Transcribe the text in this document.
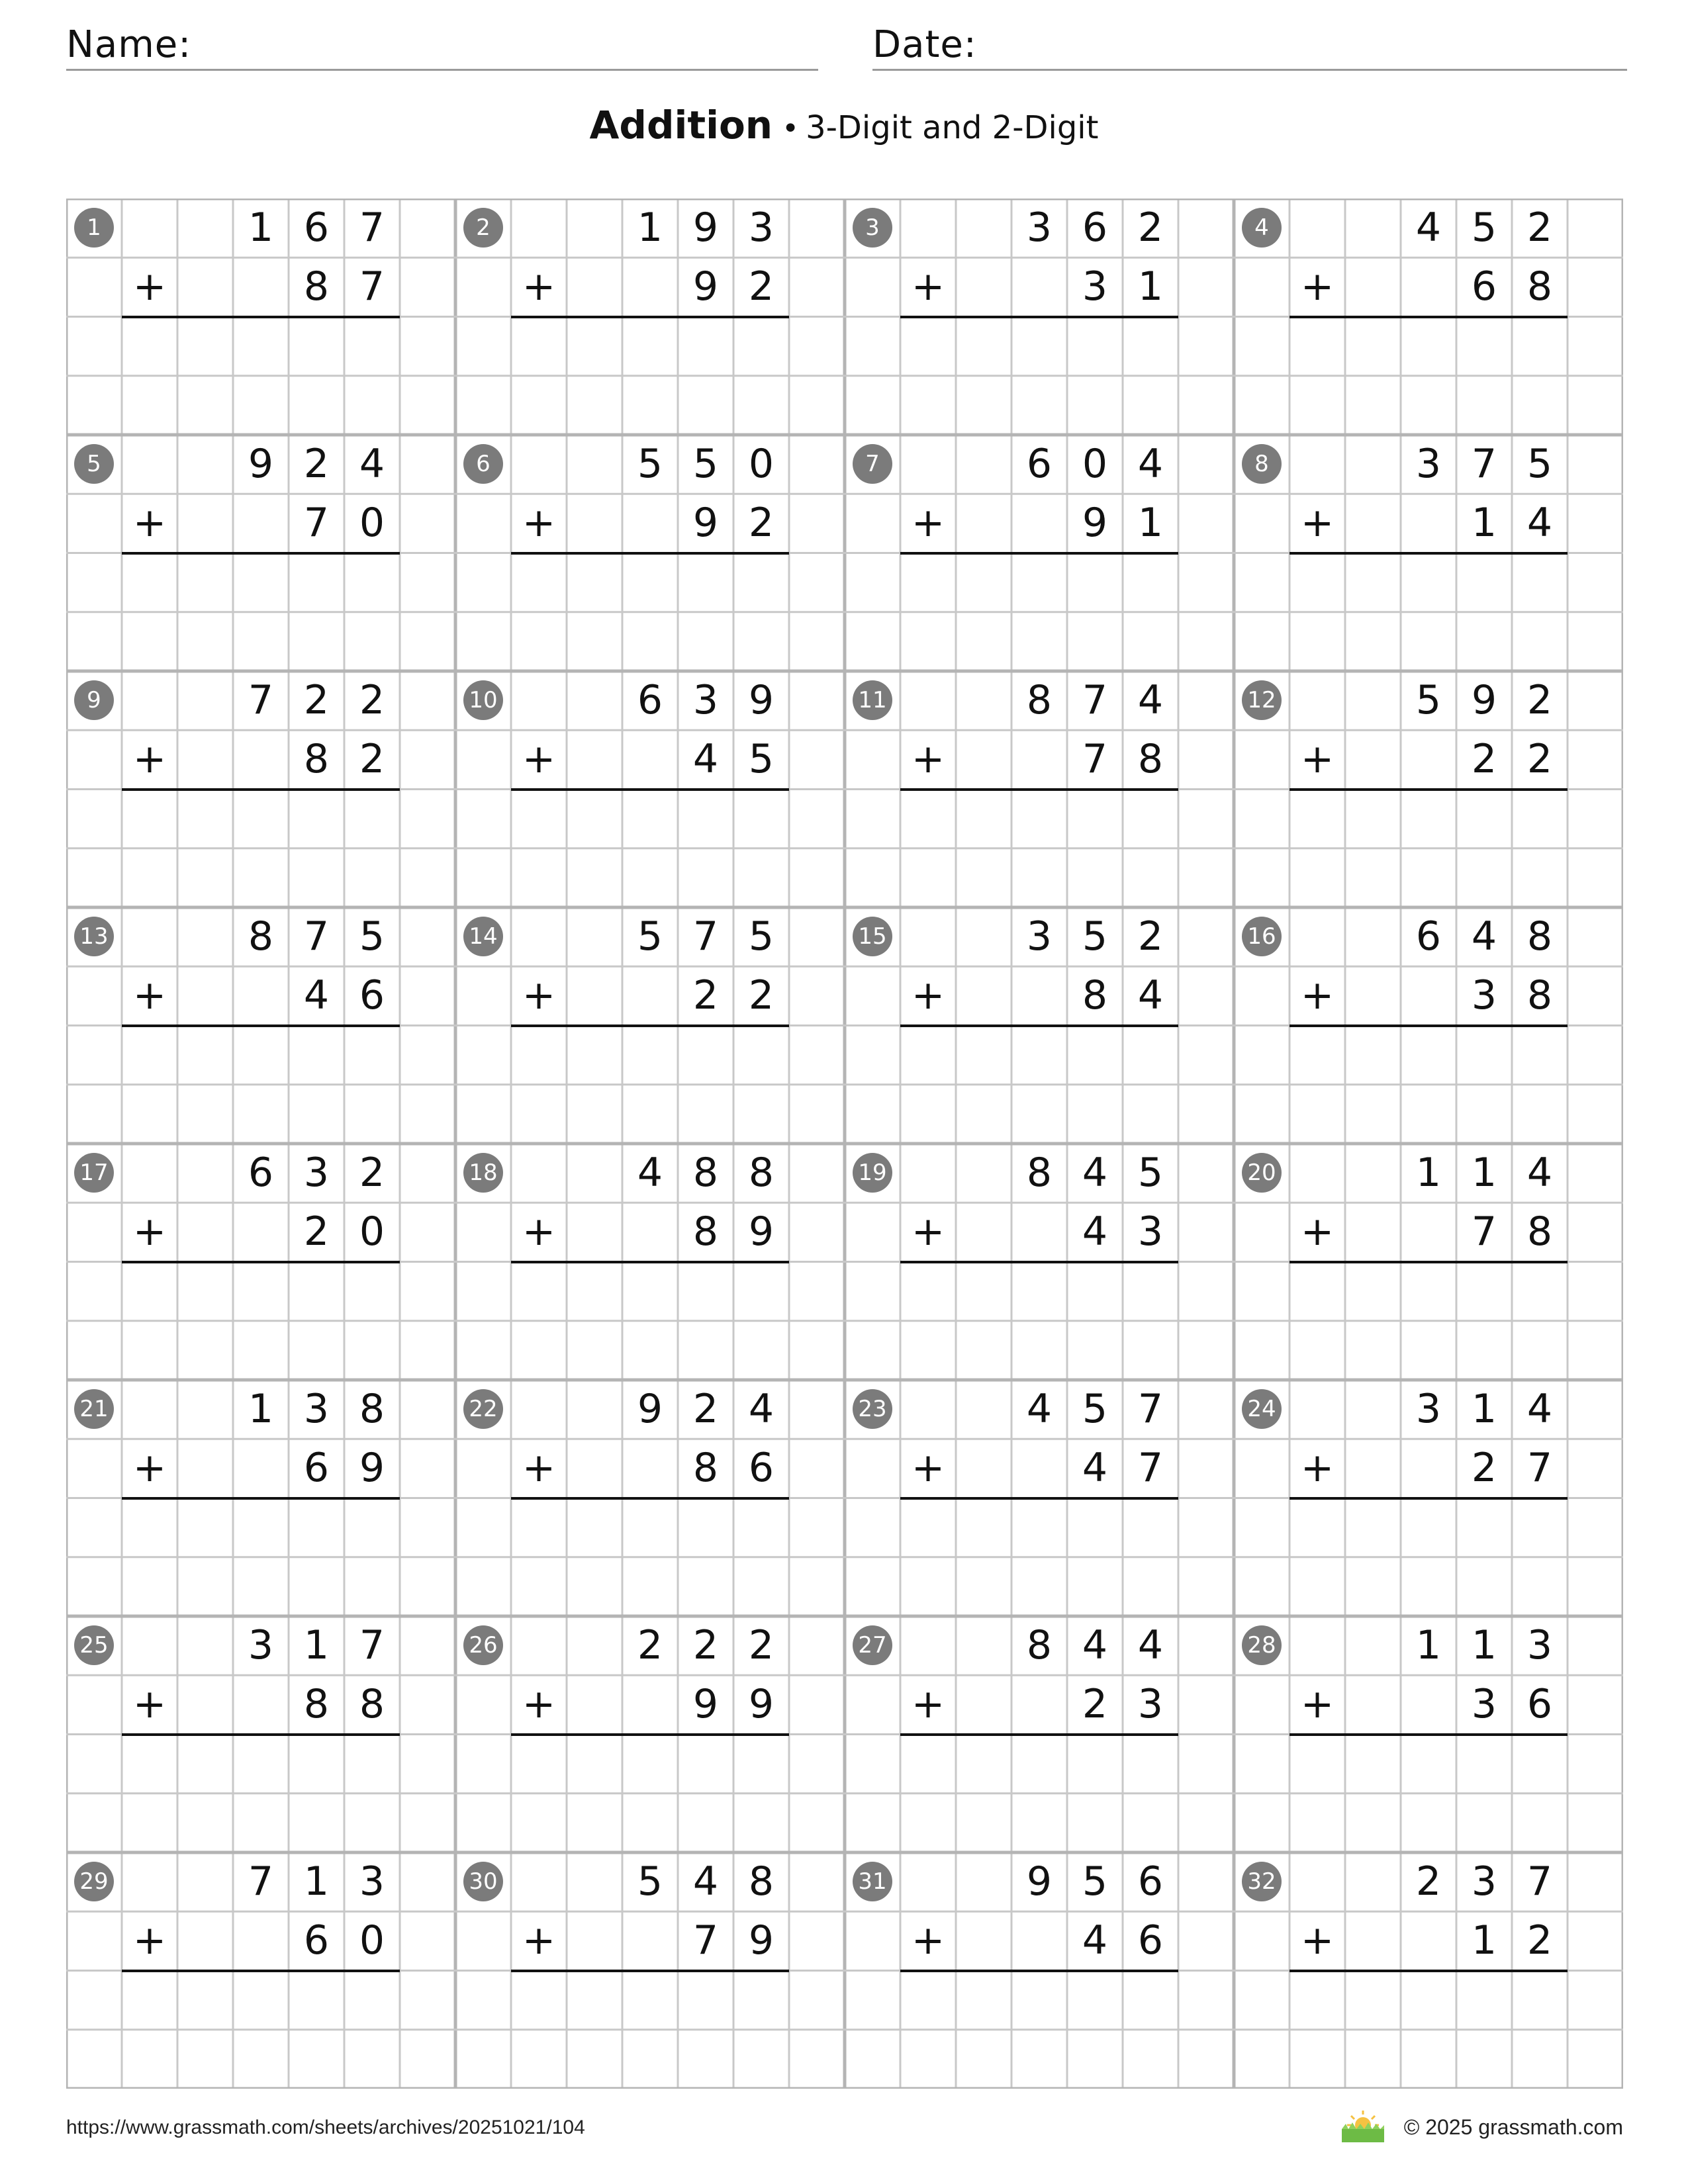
Name:	Date:
Addition • 3-Digit and 2-Digit
1	1 6 7
+	8 7
2	1 9 3
+	9 2
3	3 6 2
+	3 1
4	4 5 2
+	6 8
5	9 2 4
+	7 0
6	5 5 0
+	9 2
7	6 0 4
+	9 1
8	3 7 5
+	1 4
9	7 2 2
+	8 2
10	6 3 9
+	4 5
11	8 7 4
+	7 8
12	5 9 2
+	2 2
13	8 7 5
+	4 6
14	5 7 5
+	2 2
15	3 5 2
+	8 4
16	6 4 8
+	3 8
17	6 3 2
+	2 0
18	4 8 8
+	8 9
19	8 4 5
+	4 3
20	1 1 4
+	7 8
21	1 3 8
+	6 9
22	9 2 4
+	8 6
23	4 5 7
+	4 7
24	3 1 4
+	2 7
25	3 1 7
+	8 8
26	2 2 2
+	9 9
27	8 4 4
+	2 3
28	1 1 3
+	3 6
29	7 1 3
+	6 0
30	5 4 8
+	7 9
31	9 5 6
+	4 6
32	2 3 7
+	1 2
https://www.grassmath.com/sheets/archives/20251021/104	© 2025 grassmath.com
